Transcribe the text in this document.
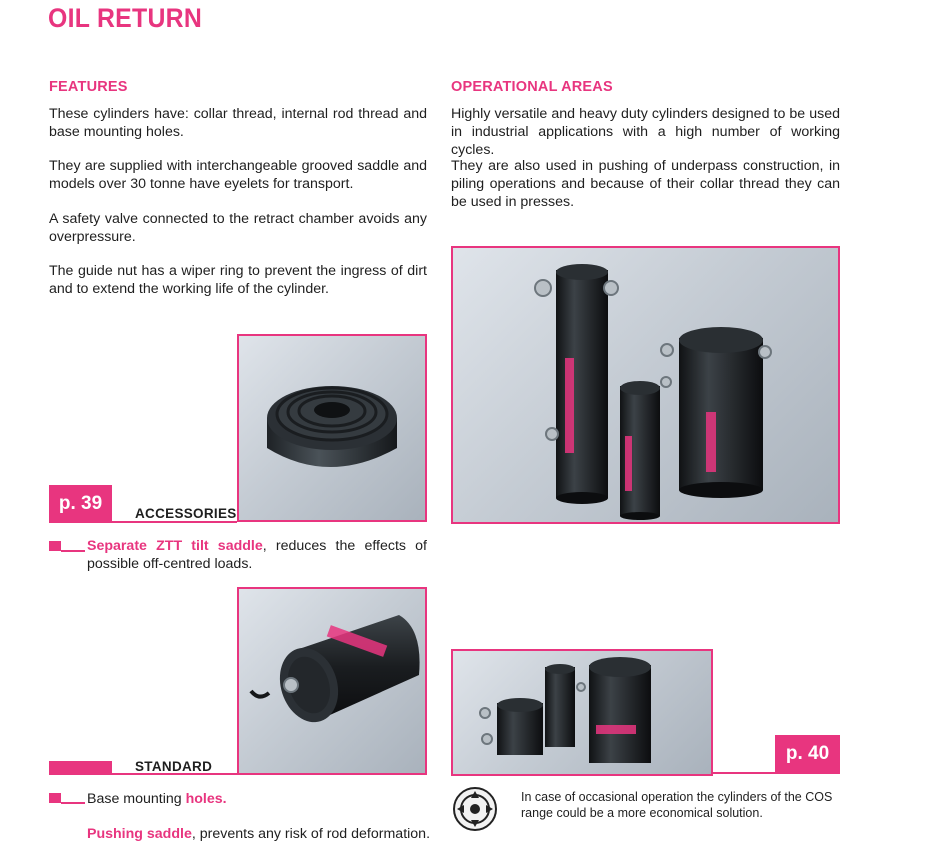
OIL RETURN
FEATURES
These cylinders have: collar thread, internal rod thread and base mounting holes.
They are supplied with interchangeable grooved saddle and models over 30 tonne have eyelets for transport.
A safety valve connected to the retract chamber avoids any overpressure.
The guide nut has a wiper ring to prevent the ingress of dirt and to extend the working life of the cylinder.
OPERATIONAL AREAS
Highly versatile and heavy duty cylinders designed to be used in industrial applications with a high number of working cycles.
They are also used in pushing of underpass construction, in piling operations and because of their collar thread they can be used in presses.
p. 39	ACCESSORIES
Separate ZTT tilt saddle, reduces the effects of possible off-centred loads.
STANDARD
Base mounting holes.
Pushing saddle, prevents any risk of rod deformation.
p. 40
In case of occasional operation the cylinders of the COS range could be a more economical solution.
